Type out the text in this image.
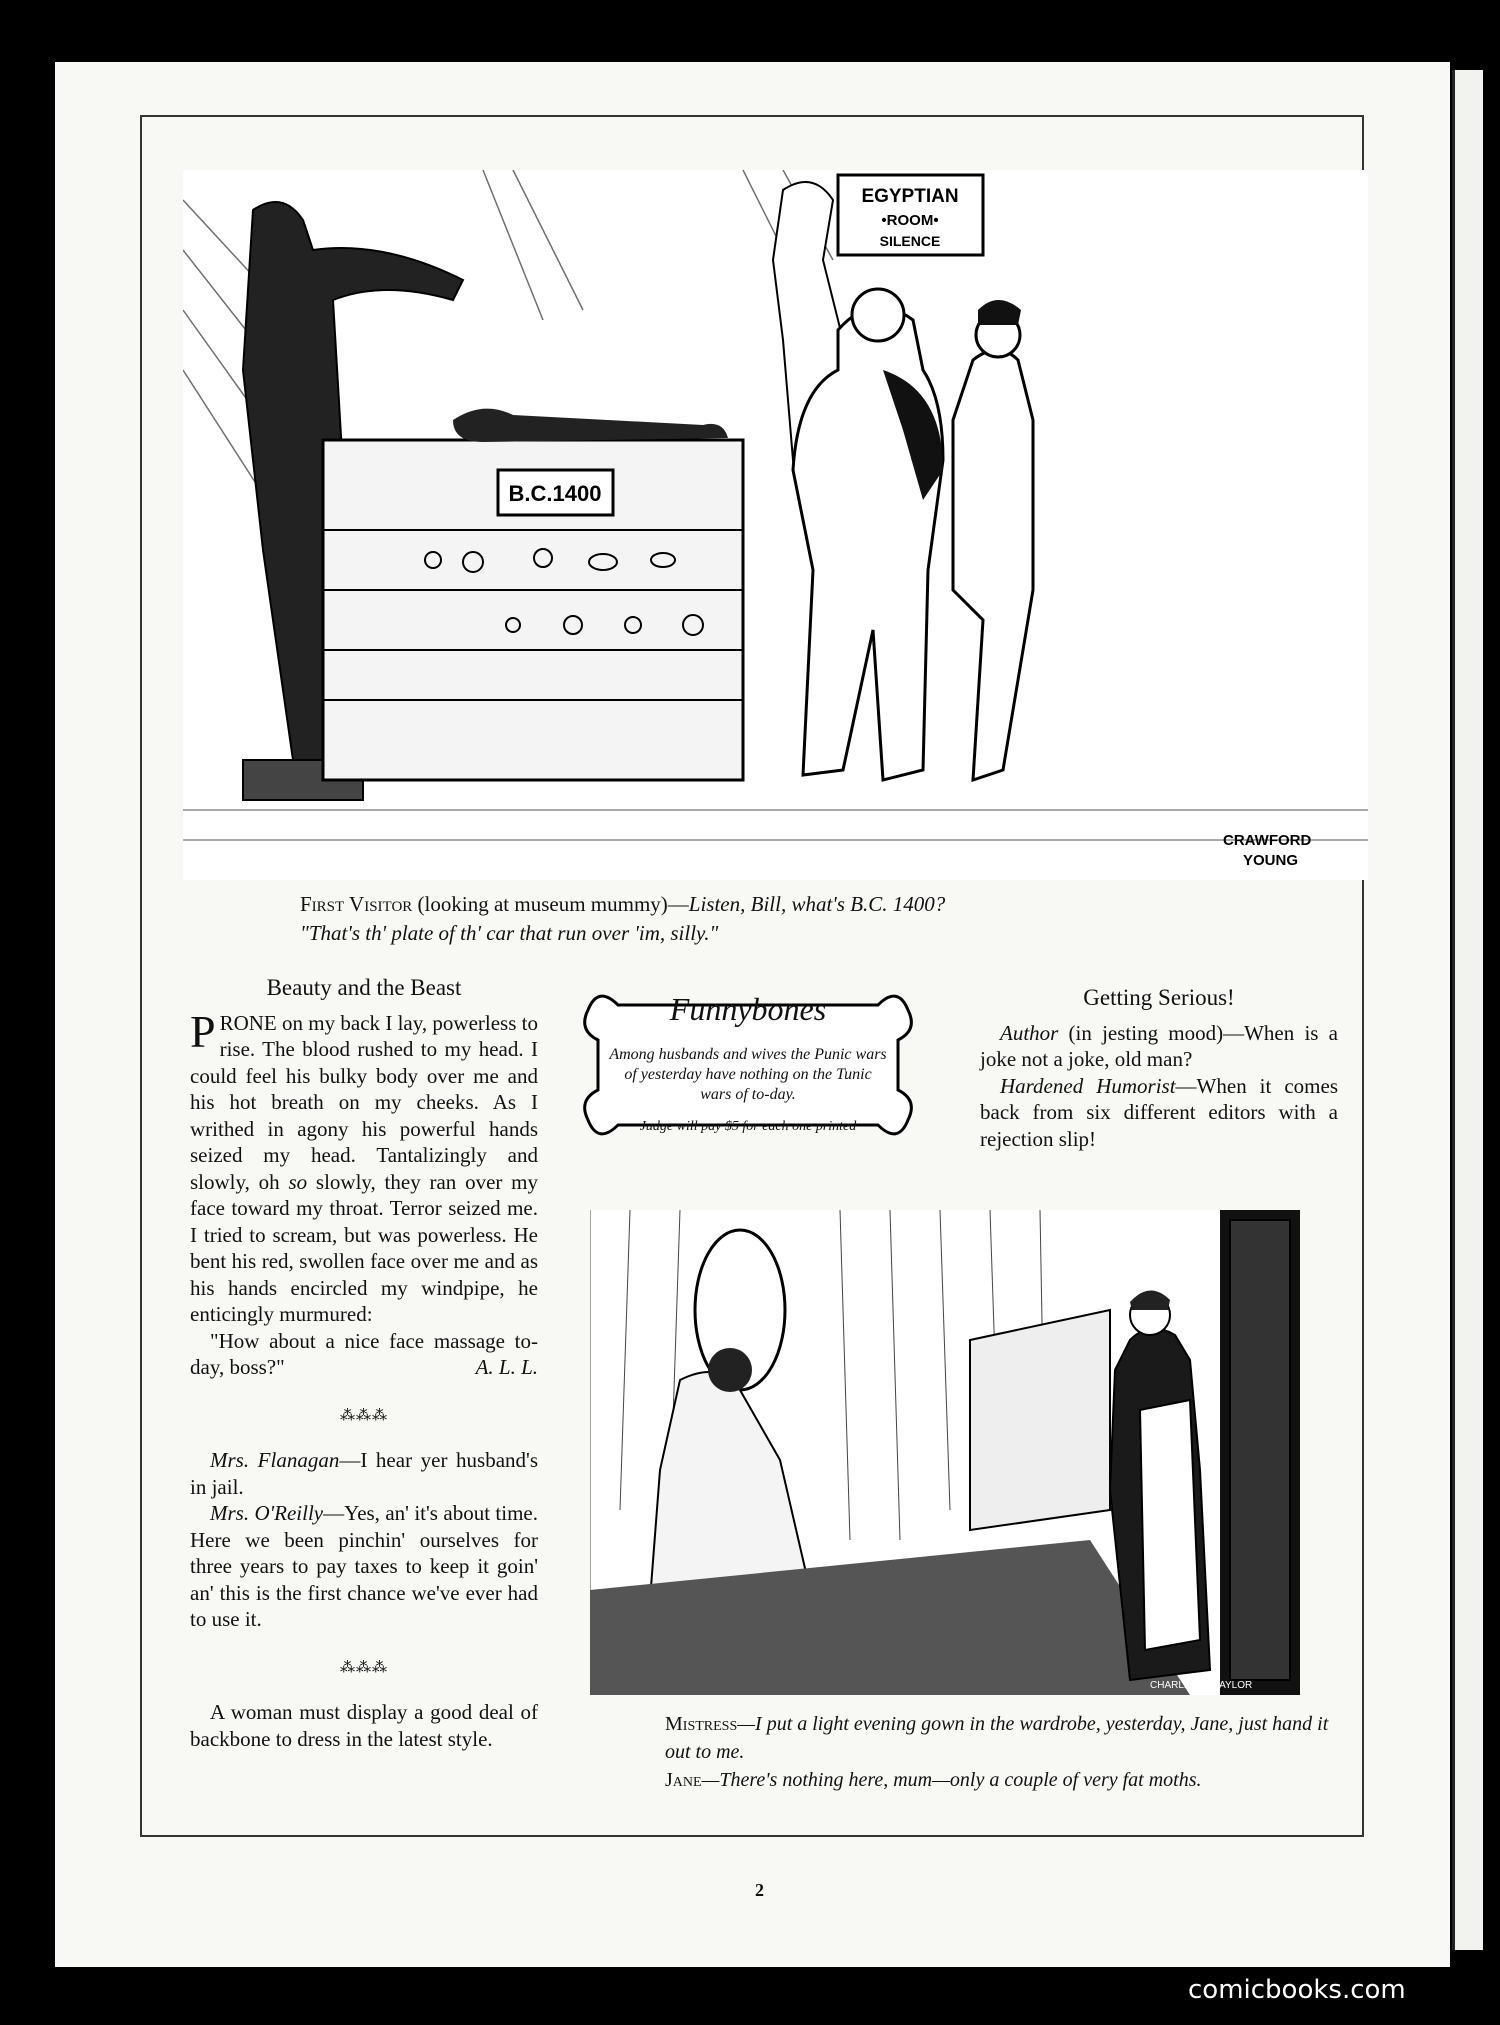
B.C.1400
EGYPTIAN
•ROOM•
SILENCE
CRAWFORD
YOUNG
First Visitor (looking at museum mummy)—Listen, Bill, what's B.C. 1400?
"That's th' plate of th' car that run over 'im, silly."
Beauty and the Beast

PRONE on my back I lay, powerless to rise. The blood rushed to my head. I could feel his bulky body over me and his hot breath on my cheeks. As I writhed in agony his powerful hands seized my head. Tantalizingly and slowly, oh so slowly, they ran over my face toward my throat. Terror seized me. I tried to scream, but was powerless. He bent his red, swollen face over me and as his hands encircled my windpipe, he enticingly murmured:

"How about a nice face massage to-day, boss?"	A. L. L.

⁂⁂⁂

Mrs. Flanagan—I hear yer husband's in jail.

Mrs. O'Reilly—Yes, an' it's about time. Here we been pinchin' ourselves for three years to pay taxes to keep it goin' an' this is the first chance we've ever had to use it.

⁂⁂⁂

A woman must display a good deal of backbone to dress in the latest style.

Funnybones
Among husbands and wives the Punic wars of yesterday have nothing on the Tunic wars of to-day.
Judge will pay $5 for each one printed
Getting Serious!

Author (in jesting mood)—When is a joke not a joke, old man?

Hardened Humorist—When it comes back from six different editors with a rejection slip!

CHARLES M. TAYLOR
Mistress—I put a light evening gown in the wardrobe, yesterday, Jane, just hand it out to me.
Jane—There's nothing here, mum—only a couple of very fat moths.
2
comicbooks.com
